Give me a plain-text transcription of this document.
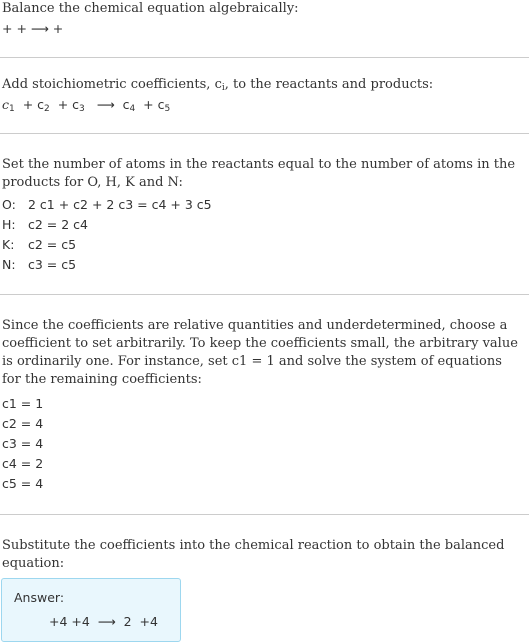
Balance the chemical equation algebraically:
+ + ⟶ +
Add stoichiometric coefficients, $c_i$, to the reactants and products:
$c_1 + c_2 + c_3$   ⟶  $c_4 + c_5$
Set the number of atoms in the reactants equal to the number of atoms in the products for O, H, K and N:
O: 2 c1 + c2 + 2 c3 = c4 + 3 c5
H: c2 = 2 c4
K: c2 = c5
N: c3 = c5
Since the coefficients are relative quantities and underdetermined, choose a coefficient to set arbitrarily. To keep the coefficients small, the arbitrary value is ordinarily one. For instance, set c1 = 1 and solve the system of equations for the remaining coefficients:
c1 = 1
c2 = 4
c3 = 4
c4 = 2
c5 = 4
Substitute the coefficients into the chemical reaction to obtain the balanced equation:
Answer:
+4 +4  ⟶  2  +4
